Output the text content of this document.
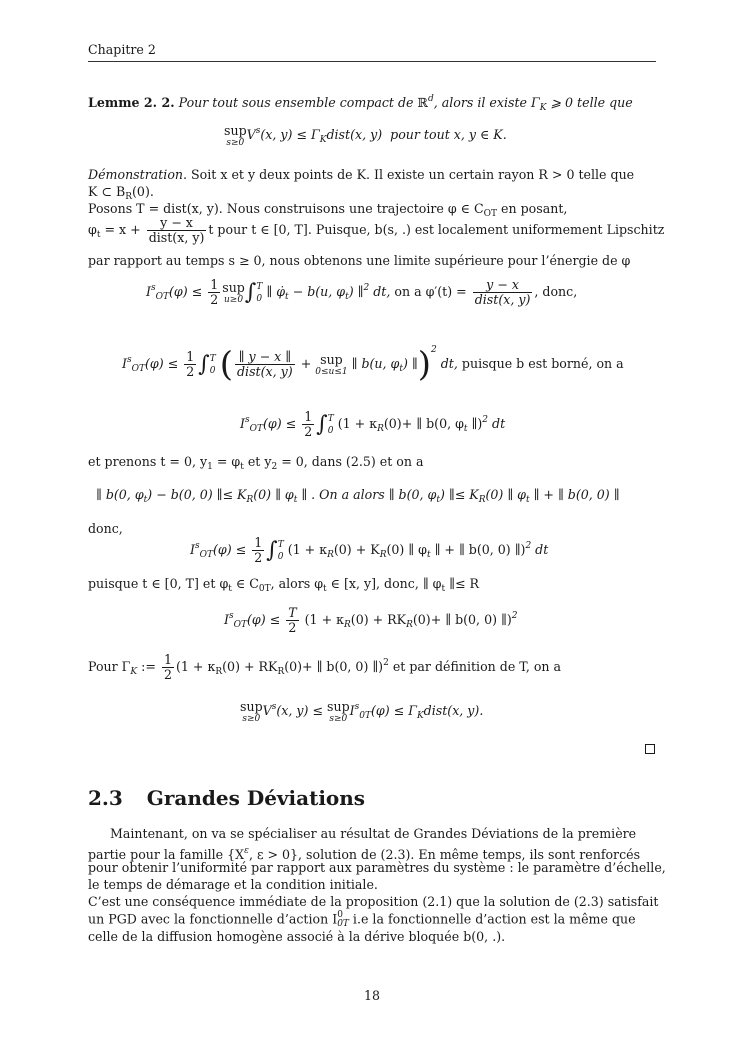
Chapitre 2
Lemme 2. 2. Pour tout sous ensemble compact de ℝ$^d$, alors il existe $\Gamma_K$ ⩾ 0 telle que
sup
s≥0
$V^s(x$, $y) \le \Gamma_Kdist(x$, y) pour tout x, y ∈ K.
Démonstration. Soit x et y deux points de K. Il existe un certain rayon R > 0 telle que
K ⊂ $B_R(0)$.
Posons T = dist(x, y). Nous construisons une trajectoire φ ∈ $C_{OT}$ en posant,
$\varphi_t = x + \frac{y - x}{\text{dist(x, y)}}$ t pour t ∈ [0, T]. Puisque, b(s, .) est localement uniformement Lipschitz
par rapport au temps s ≥ 0, nous obtenons une limite supérieure pour l’énergie de φ
$I^s_{OT}(\varphi) \le \frac{1}{2}$ sup
u≥0 ∫ T
0 ∥ $\varphi̇_t - b(u$, $\varphi_t$) ∥$^2$ dt, on a $\varphi'(t) = \frac{y - x}{\text{dist(x, y)}}$ , donc,
$I^s_{OT}(\varphi) \le \frac{1}{2}$ ∫ T
0 ( $\frac{\parallel y - x \parallel}{\text{dist(x, y)}}$ + sup
0≤u≤1
∥ b(u, $\varphi_t$) ∥)$^2$ dt, puisque b est borné, on a
$I^s_{OT}(\varphi) \le \frac{1}{2}$ ∫ T
0 ($1 + \kappa_R(0)+$ ∥ b(0, $\varphi_t$ ∥)$^2$ dt
et prenons t = 0, $y_1 = \varphi_t$ et $y_2 = 0$, dans (2.5) et on a
∥ b(0, $\varphi_t) - b(0$, 0) ∥≤ $K_R(0)$ ∥ $\varphi_t$ ∥ . On a alors ∥ b(0, $\varphi_t$) ∥≤ $K_R(0)$ ∥ $\varphi_t$ ∥ + ∥ b(0, 0) ∥
donc,
$I^s_{OT}(\varphi) \le \frac{1}{2}$ ∫ T
0 ($1 + \kappa_R(0) + K_R(0)$ ∥ $\varphi_t$ ∥ + ∥ b(0, 0) ∥)$^2$ dt
puisque t ∈ [0, T] et $\varphi_t$ ∈ $C_{0T}$, alors $\varphi_t$ ∈ [x, y], donc, ∥ $\varphi_t$ ∥≤ R
$I^s_{OT}(\varphi) \le \frac{T}{2} (1 + \kappa_R(0) + RK_R(0)+$ ∥ b(0, 0) ∥)$^2$
Pour $\Gamma_K$ := $\frac{1}{2} (1 + \kappa_R(0) + RK_R(0)+$ ∥ b(0, 0) ∥)$^2$ et par définition de T, on a
sup
s≥0
$V^s(x$, y) ≤ sup
s≥0
$I^s_{0T}(\varphi)$ ≤ $\Gamma_Kdist(x$, y).
2.3 Grandes Déviations
Maintenant, on va se spécialiser au résultat de Grandes Déviations de la première
partie pour la famille {$X^\varepsilon$, ε > 0}, solution de (2.3). En même temps, ils sont renforcés
pour obtenir l’uniformité par rapport aux paramètres du système : le paramètre d’échelle,
le temps de démarage et la condition initiale.
C’est une conséquence immédiate de la proposition (2.1) que la solution de (2.3) satisfait
un PGD avec la fonctionnelle d’action I 0
0T i.e la fonctionnelle d’action est la même que
celle de la diffusion homogène associé à la dérive bloquée b(0, .).
18
